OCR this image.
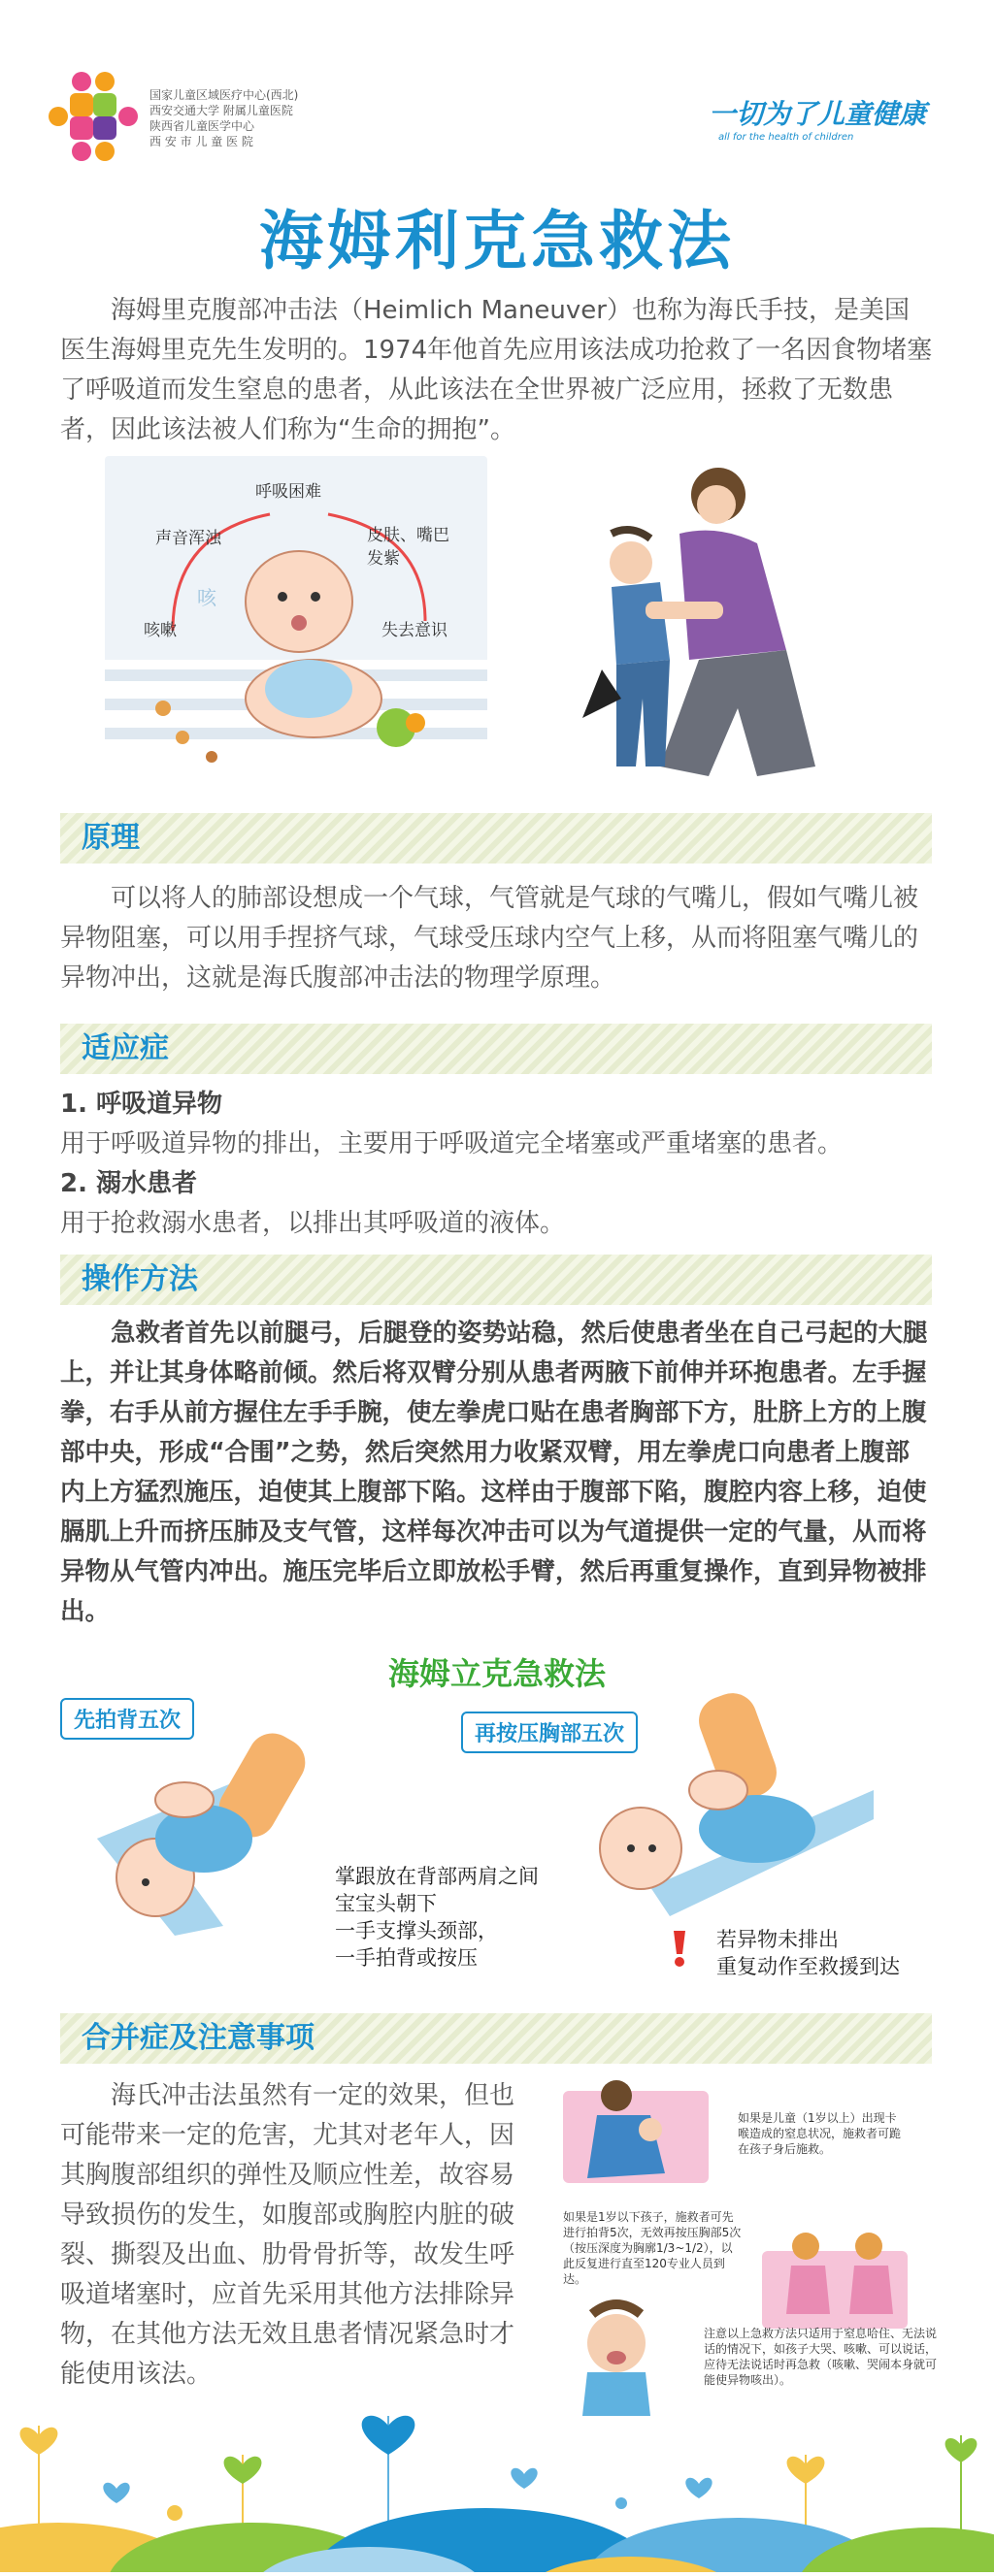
国家儿童区域医疗中心(西北)
西安交通大学 附属儿童医院
陕西省儿童医学中心
西 安 市 儿 童 医 院
一切为了儿童健康
all for the health of children
海姆利克急救法
海姆里克腹部冲击法（Heimlich Maneuver）也称为海氏手技，是美国医生海姆里克先生发明的。1974年他首先应用该法成功抢救了一名因食物堵塞了呼吸道而发生窒息的患者，从此该法在全世界被广泛应用，拯救了无数患者，因此该法被人们称为“生命的拥抱”。
呼吸困难
声音浑浊	皮肤、嘴巴发紫
咳嗽	失去意识
咳
原理
可以将人的肺部设想成一个气球，气管就是气球的气嘴儿，假如气嘴儿被异物阻塞，可以用手捏挤气球，气球受压球内空气上移，从而将阻塞气嘴儿的异物冲出，这就是海氏腹部冲击法的物理学原理。
适应症
1. 呼吸道异物
用于呼吸道异物的排出，主要用于呼吸道完全堵塞或严重堵塞的患者。
2. 溺水患者
用于抢救溺水患者，以排出其呼吸道的液体。
操作方法
急救者首先以前腿弓，后腿登的姿势站稳，然后使患者坐在自己弓起的大腿上，并让其身体略前倾。然后将双臂分别从患者两腋下前伸并环抱患者。左手握拳，右手从前方握住左手手腕，使左拳虎口贴在患者胸部下方，肚脐上方的上腹部中央，形成“合围”之势，然后突然用力收紧双臂，用左拳虎口向患者上腹部内上方猛烈施压，迫使其上腹部下陷。这样由于腹部下陷，腹腔内容上移，迫使膈肌上升而挤压肺及支气管，这样每次冲击可以为气道提供一定的气量，从而将异物从气管内冲出。施压完毕后立即放松手臂，然后再重复操作，直到异物被排出。
海姆立克急救法
先拍背五次
再按压胸部五次
掌跟放在背部两肩之间
宝宝头朝下
一手支撑头颈部，
一手拍背或按压
若异物未排出
重复动作至救援到达
合并症及注意事项
海氏冲击法虽然有一定的效果，但也可能带来一定的危害，尤其对老年人，因其胸腹部组织的弹性及顺应性差，故容易导致损伤的发生，如腹部或胸腔内脏的破裂、撕裂及出血、肋骨骨折等，故发生呼吸道堵塞时，应首先采用其他方法排除异物，在其他方法无效且患者情况紧急时才能使用该法。
如果是儿童（1岁以上）出现卡喉造成的窒息状况，施救者可跪在孩子身后施救。
如果是1岁以下孩子，施救者可先进行拍背5次，无效再按压胸部5次（按压深度为胸廓1/3~1/2），以此反复进行直至120专业人员到达。
注意以上急救方法只适用于窒息哈住、无法说话的情况下，如孩子大哭、咳嗽、可以说话，应待无法说话时再急救（咳嗽、哭闹本身就可能使异物咳出）。
